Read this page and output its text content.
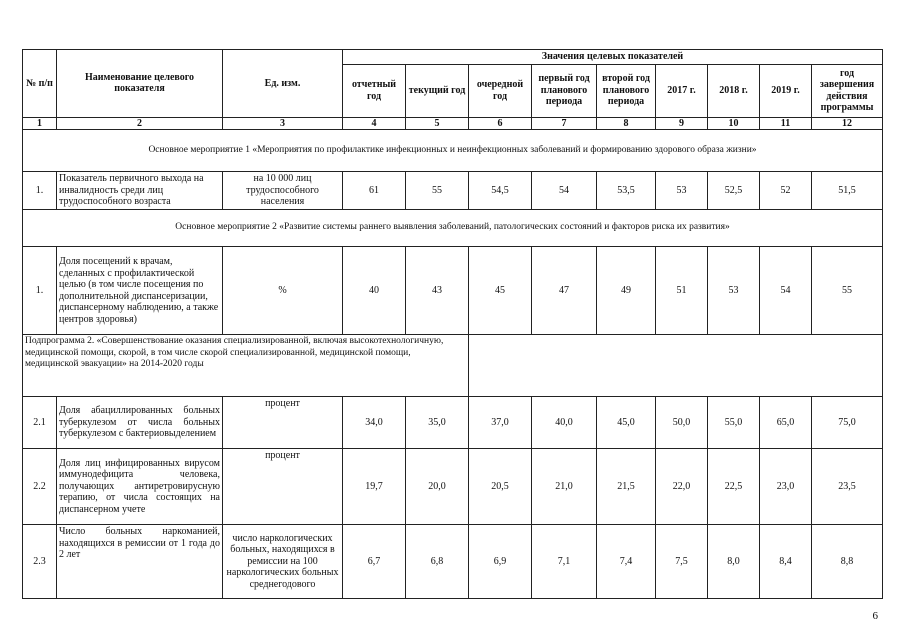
№ п/п	Наименование целевого показателя	Ед. изм.	Значения целевых показателей								
			отчетный год	текущий год	очередной год	первый год планового периода	второй год планового периода	2017 г.	2018 г.	2019 г.	год завершения действия программы
1	2	3	4	5	6	7	8	9	10	11	12
Основное мероприятие 1 «Мероприятия по профилактике инфекционных и неинфекционных заболеваний и формированию здорового образа жизни»											
1.	Показатель первичного выхода на инвалидность среди лиц трудоспособного возраста	на 10 000 лиц трудоспособного населения	61	55	54,5	54	53,5	53	52,5	52	51,5
Основное мероприятие 2 «Развитие системы раннего выявления заболеваний, патологических состояний и факторов риска их развития»											
1.	Доля посещений к врачам, сделанных с профилактической целью (в том числе посещения по дополнительной диспансеризации, диспансерному наблюдению, а также центров здоровья)	%	40	43	45	47	49	51	53	54	55
Подпрограмма 2. «Совершенствование оказания специализированной, включая высокотехнологичную, медицинской помощи, скорой, в том числе скорой специализированной, медицинской помощи, медицинской эвакуации» на 2014-2020 годы											
2.1	Доля абациллированных больных туберкулезом от числа больных туберкулезом с бактериовыделением	процент	34,0	35,0	37,0	40,0	45,0	50,0	55,0	65,0	75,0
2.2	Доля лиц инфицированных вирусом иммунодефицита человека, получающих антиретровирусную терапию, от числа состоящих на диспансерном учете	процент	19,7	20,0	20,5	21,0	21,5	22,0	22,5	23,0	23,5
2.3	Число больных наркоманией, находящихся в ремиссии от 1 года до 2 лет	число наркологических больных, находящихся в ремиссии на 100 наркологических больных среднегодового	6,7	6,8	6,9	7,1	7,4	7,5	8,0	8,4	8,8
6
